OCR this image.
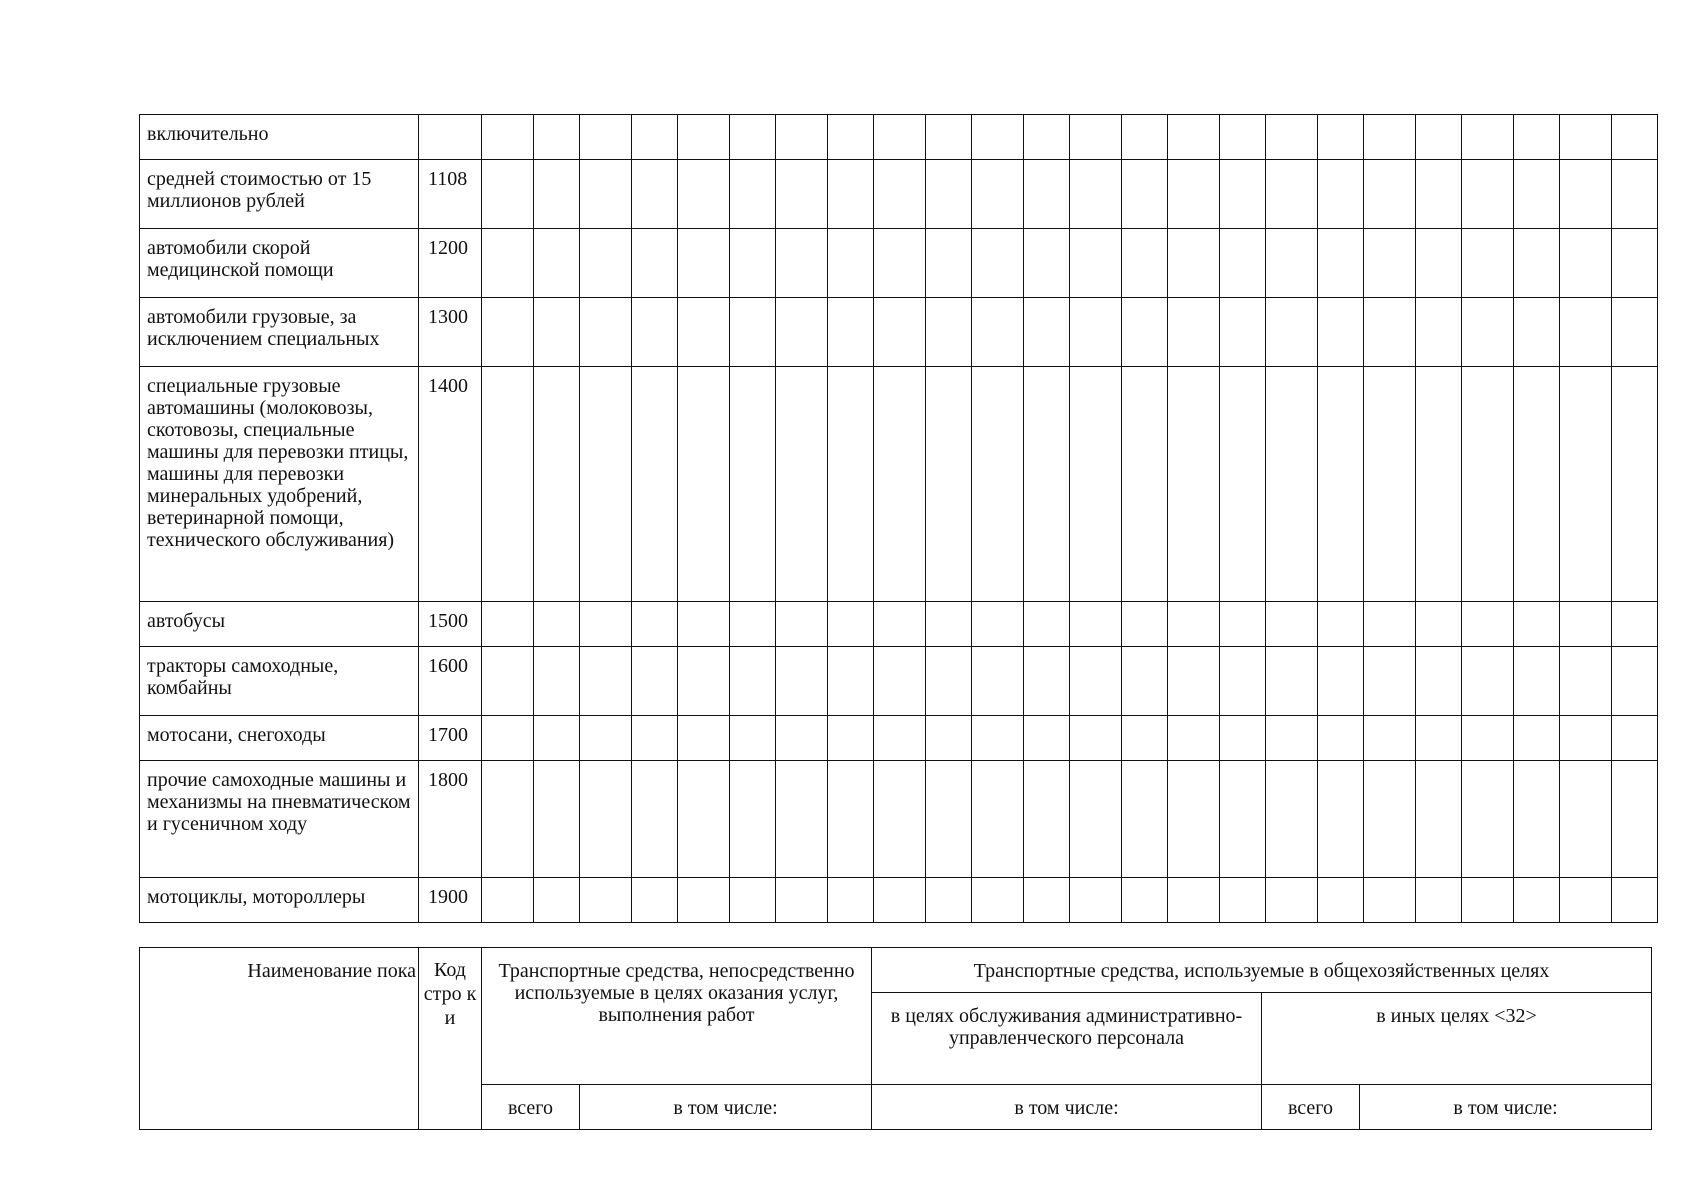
включительно																									
средней стоимостью от 15 миллионов рублей	1108																								
автомобили скорой медицинской помощи	1200																								
автомобили грузовые, за исключением специальных	1300																								
специальные грузовые автомашины (молоковозы, скотовозы, специальные машины для перевозки птицы, машины для перевозки минеральных удобрений, ветеринарной помощи, технического обслуживания)	1400																								
автобусы	1500																								
тракторы самоходные, комбайны	1600																								
мотосани, снегоходы	1700																								
прочие самоходные машины и механизмы на пневматическом и гусеничном ходу	1800																								
мотоциклы, мотороллеры	1900																								
Наименование пока	Код стро к и	Транспортные средства, непосредственно используемые в целях оказания услуг, выполнения работ		Транспортные средства, используемые в общехозяйственных целях		
				в целях обслуживания административно-управленческого персонала	в иных целях <32>	
		всего	в том числе:	в том числе:	всего	в том числе:
